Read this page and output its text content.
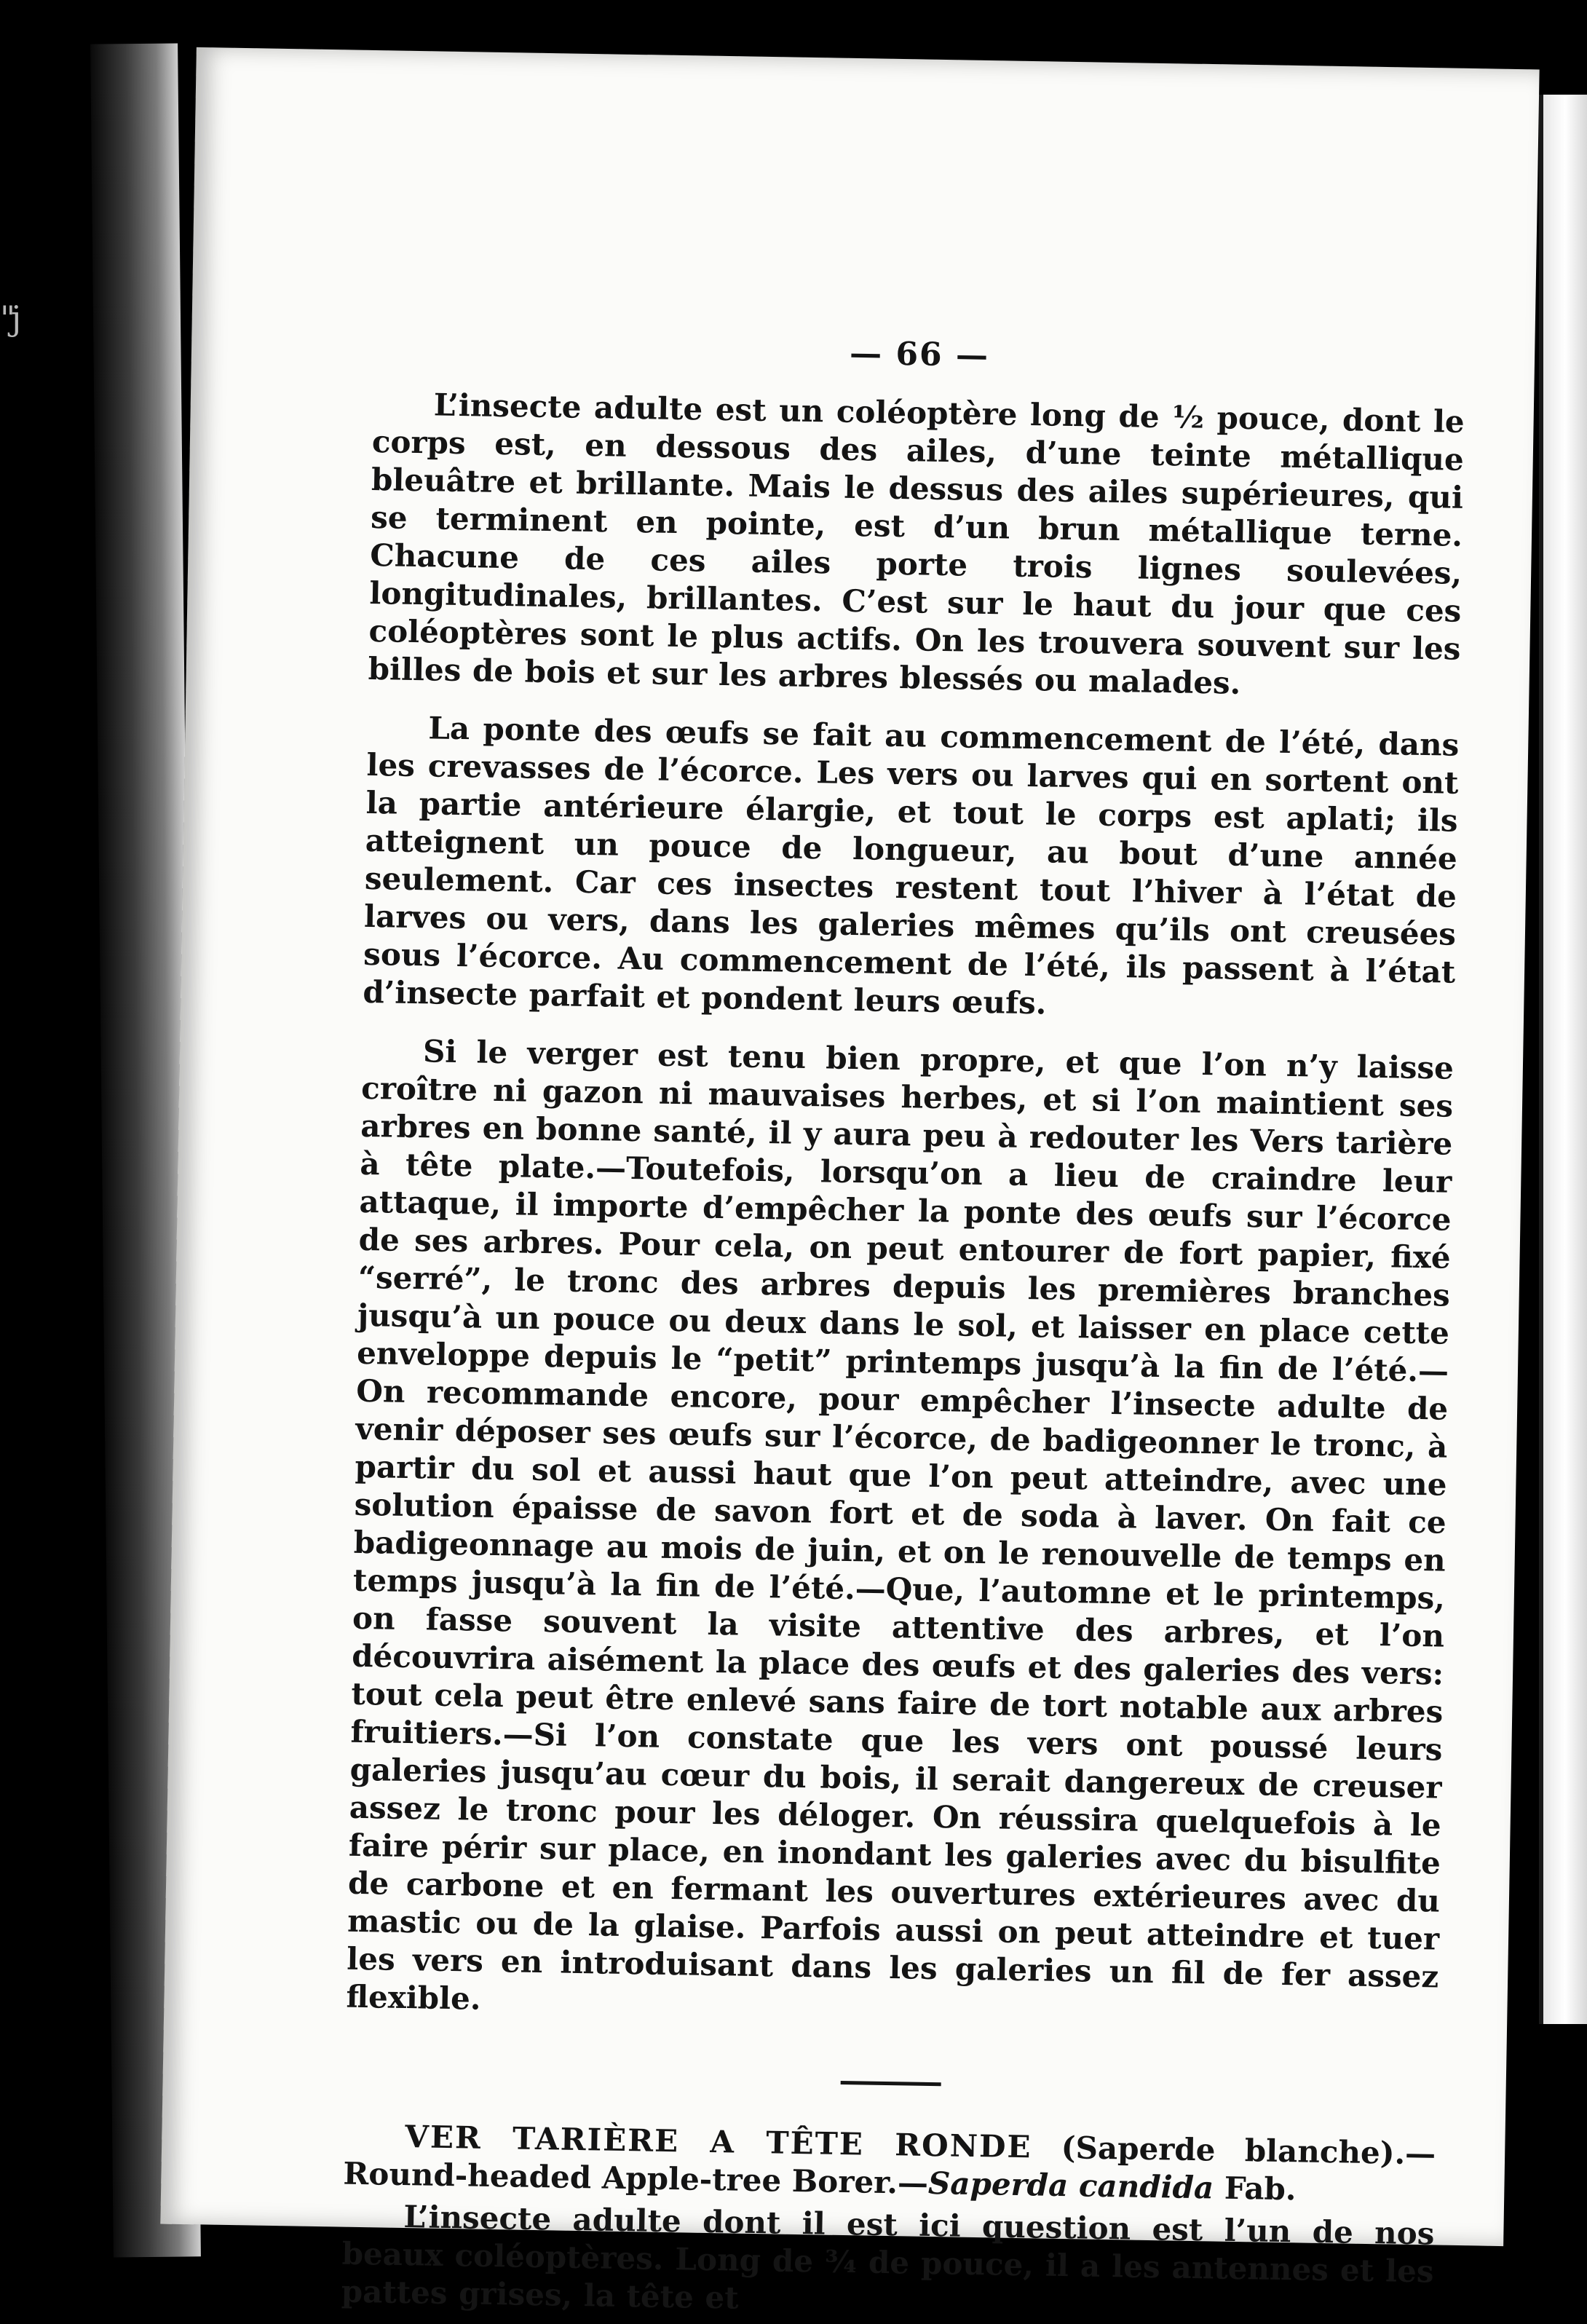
"j
— 66 —

L’insecte adulte est un coléoptère long de ½ pouce, dont le corps est, en dessous des ailes, d’une teinte métallique bleuâtre et brillante. Mais le dessus des ailes supérieures, qui se terminent en pointe, est d’un brun métallique terne. Chacune de ces ailes porte trois lignes soulevées, longitudinales, brillantes. C’est sur le haut du jour que ces coléoptères sont le plus actifs. On les trouvera souvent sur les billes de bois et sur les arbres blessés ou malades.

La ponte des œufs se fait au commencement de l’été, dans les crevasses de l’écorce. Les vers ou larves qui en sortent ont la partie antérieure élargie, et tout le corps est aplati; ils atteignent un pouce de longueur, au bout d’une année seulement. Car ces insectes restent tout l’hiver à l’état de larves ou vers, dans les galeries mêmes qu’ils ont creusées sous l’écorce. Au commencement de l’été, ils passent à l’état d’insecte parfait et pondent leurs œufs.

Si le verger est tenu bien propre, et que l’on n’y laisse croître ni gazon ni mauvaises herbes, et si l’on maintient ses arbres en bonne santé, il y aura peu à redouter les Vers tarière à tête plate.—Toutefois, lorsqu’on a lieu de craindre leur attaque, il importe d’empêcher la ponte des œufs sur l’écorce de ses arbres. Pour cela, on peut entourer de fort papier, fixé “serré”, le tronc des arbres depuis les premières branches jusqu’à un pouce ou deux dans le sol, et laisser en place cette enveloppe depuis le “petit” printemps jusqu’à la fin de l’été.—On recommande encore, pour empêcher l’insecte adulte de venir déposer ses œufs sur l’écorce, de badigeonner le tronc, à partir du sol et aussi haut que l’on peut atteindre, avec une solution épaisse de savon fort et de soda à laver. On fait ce badigeonnage au mois de juin, et on le renouvelle de temps en temps jusqu’à la fin de l’été.—Que, l’automne et le printemps, on fasse souvent la visite attentive des arbres, et l’on découvrira aisément la place des œufs et des galeries des vers: tout cela peut être enlevé sans faire de tort notable aux arbres fruitiers.—Si l’on constate que les vers ont poussé leurs galeries jusqu’au cœur du bois, il serait dangereux de creuser assez le tronc pour les déloger. On réussira quelquefois à le faire périr sur place, en inondant les galeries avec du bisulfite de carbone et en fermant les ouvertures extérieures avec du mastic ou de la glaise. Parfois aussi on peut atteindre et tuer les vers en introduisant dans les galeries un fil de fer assez flexible.

VER TARIÈRE A TÊTE RONDE (Saperde blanche).—Round-headed Apple-tree Borer.—Saperda candida Fab.

L’insecte adulte dont il est ici question est l’un de nos beaux coléoptères. Long de ¾ de pouce, il a les antennes et les pattes grises, la tête et
